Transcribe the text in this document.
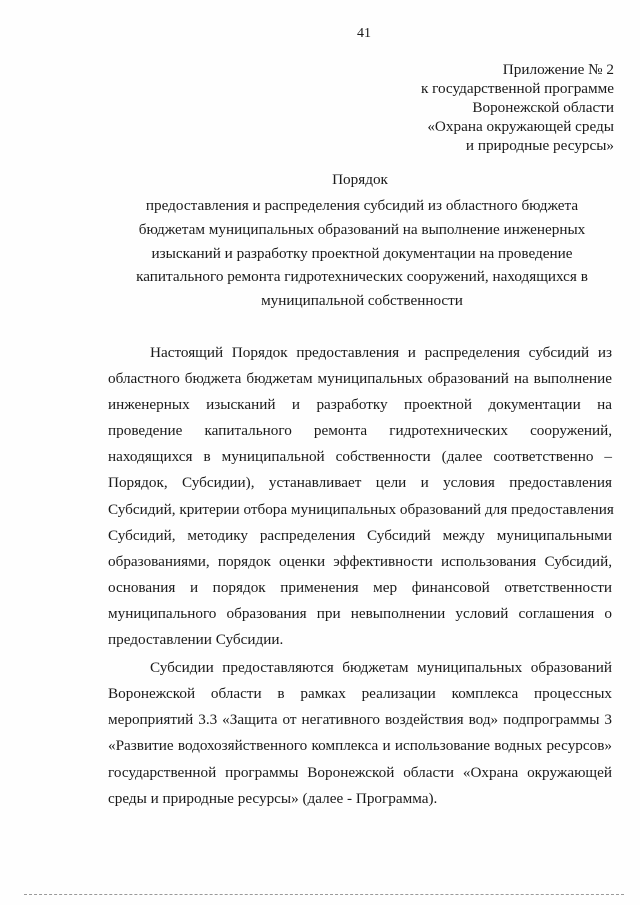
41
Приложение № 2
к государственной программе
Воронежской области
«Охрана окружающей среды
и природные ресурсы»
Порядок
предоставления и распределения субсидий из областного бюджета
бюджетам муниципальных образований на выполнение инженерных
изысканий и разработку проектной документации на проведение
капитального ремонта гидротехнических сооружений, находящихся в
муниципальной собственности

Настоящий Порядок предоставления и распределения субсидий из

областного бюджета бюджетам муниципальных образований на выполнение

инженерных изысканий и разработку проектной документации на

проведение капитального ремонта гидротехнических сооружений,

находящихся в муниципальной собственности (далее соответственно –

Порядок, Субсидии), устанавливает цели и условия предоставления

Субсидий, критерии отбора муниципальных образований для предоставления

Субсидий, методику распределения Субсидий между муниципальными

образованиями, порядок оценки эффективности использования Субсидий,

основания и порядок применения мер финансовой ответственности

муниципального образования при невыполнении условий соглашения о

предоставлении Субсидии.

Субсидии предоставляются бюджетам муниципальных образований

Воронежской области в рамках реализации комплекса процессных

мероприятий 3.3 «Защита от негативного воздействия вод» подпрограммы 3

«Развитие водохозяйственного комплекса и использование водных ресурсов»

государственной программы Воронежской области «Охрана окружающей

среды и природные ресурсы» (далее - Программа).
